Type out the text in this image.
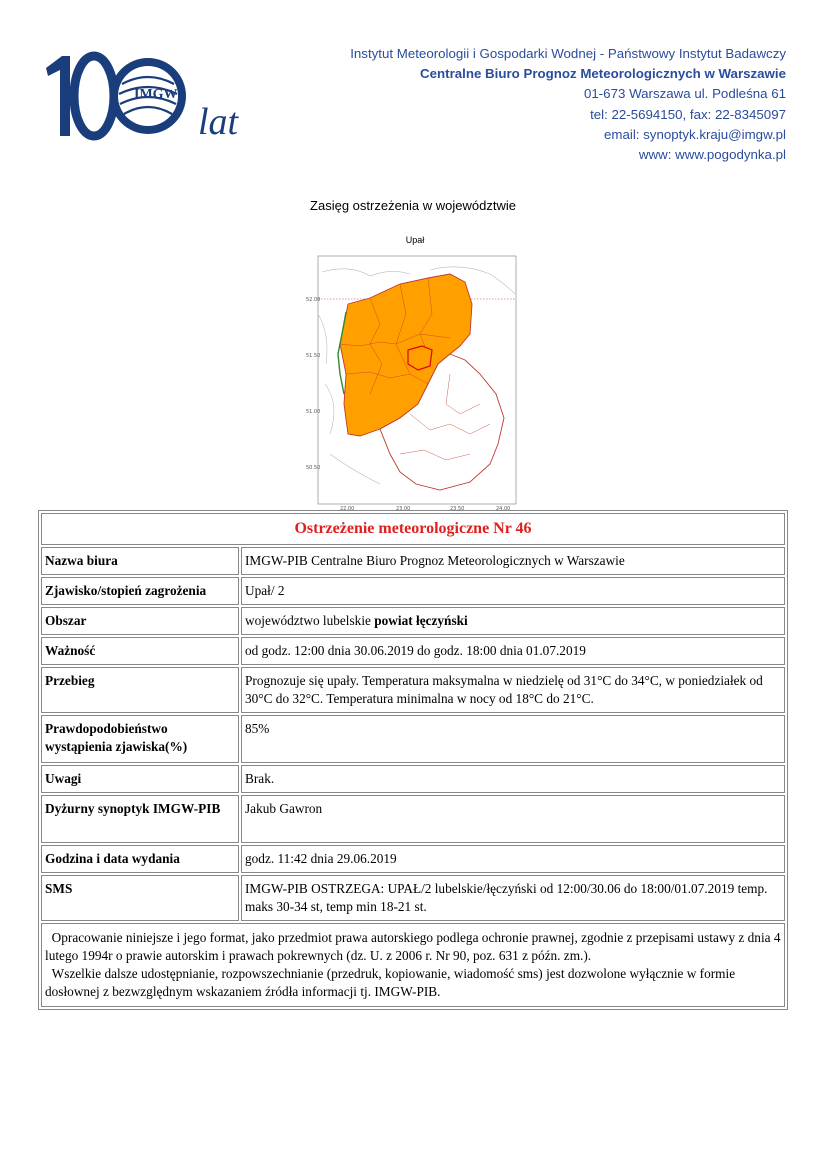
IMGW
lat
Instytut Meteorologii i Gospodarki Wodnej - Państwowy Instytut Badawczy
Centralne Biuro Prognoz Meteorologicznych w Warszawie
01-673 Warszawa ul. Podleśna 61
tel: 22-5694150, fax: 22-8345097
email: synoptyk.kraju@imgw.pl
www: www.pogodynka.pl
Zasięg ostrzeżenia w województwie
Upał
52.00
51.50
51.00
50.50
22.00	23.00	23.50	24.00
Ostrzeżenie meteorologiczne Nr 46	
Nazwa biura	IMGW-PIB Centralne Biuro Prognoz Meteorologicznych w Warszawie
Zjawisko/stopień zagrożenia	Upał/ 2
Obszar	województwo lubelskie powiat łęczyński
Ważność	od godz. 12:00 dnia 30.06.2019 do godz. 18:00 dnia 01.07.2019
Przebieg	Prognozuje się upały. Temperatura maksymalna w niedzielę od 31°C do 34°C, w poniedziałek od 30°C do 32°C. Temperatura minimalna w nocy od 18°C do 21°C.
Prawdopodobieństwo wystąpienia zjawiska(%)	85%
Uwagi	Brak.
Dyżurny synoptyk IMGW-PIB	Jakub Gawron
Godzina i data wydania	godz. 11:42 dnia 29.06.2019
SMS	IMGW-PIB OSTRZEGA: UPAŁ/2 lubelskie/łęczyński od 12:00/30.06 do 18:00/01.07.2019 temp. maks 30-34 st, temp min 18-21 st.
Opracowanie niniejsze i jego format, jako przedmiot prawa autorskiego podlega ochronie prawnej, zgodnie z przepisami ustawy z dnia 4 lutego 1994r o prawie autorskim i prawach pokrewnych (dz. U. z 2006 r. Nr 90, poz. 631 z późn. zm.).
Wszelkie dalsze udostępnianie, rozpowszechnianie (przedruk, kopiowanie, wiadomość sms) jest dozwolone wyłącznie w formie dosłownej z bezwzględnym wskazaniem źródła informacji tj. IMGW-PIB.	
